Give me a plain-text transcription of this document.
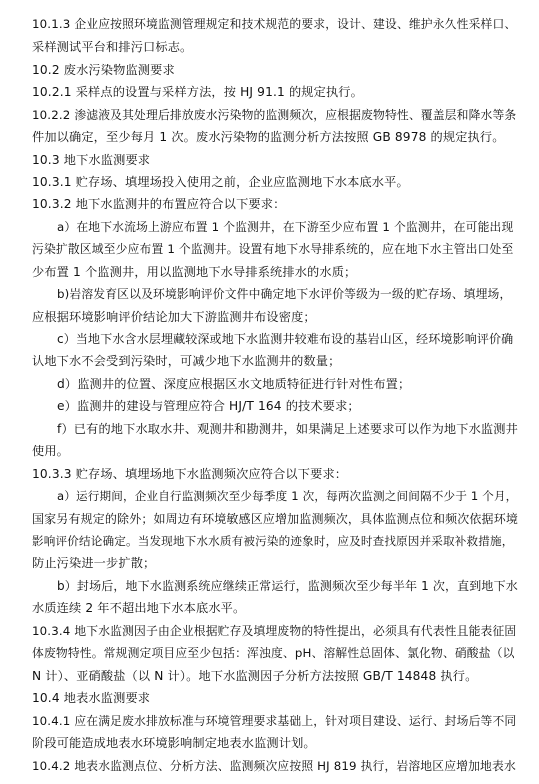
10.1.3 企业应按照环境监测管理规定和技术规范的要求，设计、建设、维护永久性采样口、
采样测试平台和排污口标志。
10.2 废水污染物监测要求
10.2.1 采样点的设置与采样方法，按 HJ 91.1 的规定执行。
10.2.2 渗滤液及其处理后排放废水污染物的监测频次，应根据废物特性、覆盖层和降水等条
件加以确定，至少每月 1 次。废水污染物的监测分析方法按照 GB 8978 的规定执行。
10.3 地下水监测要求
10.3.1 贮存场、填埋场投入使用之前，企业应监测地下水本底水平。
10.3.2 地下水监测井的布置应符合以下要求：
a）在地下水流场上游应布置 1 个监测井，在下游至少应布置 1 个监测井，在可能出现
污染扩散区域至少应布置 1 个监测井。设置有地下水导排系统的，应在地下水主管出口处至
少布置 1 个监测井，用以监测地下水导排系统排水的水质；
b)岩溶发育区以及环境影响评价文件中确定地下水评价等级为一级的贮存场、填埋场，
应根据环境影响评价结论加大下游监测井布设密度；
c）当地下水含水层埋藏较深或地下水监测井较难布设的基岩山区，经环境影响评价确
认地下水不会受到污染时，可减少地下水监测井的数量；
d）监测井的位置、深度应根据区水文地质特征进行针对性布置；
e）监测井的建设与管理应符合 HJ/T 164 的技术要求；
f）已有的地下水取水井、观测井和勘测井，如果满足上述要求可以作为地下水监测井
使用。
10.3.3 贮存场、填埋场地下水监测频次应符合以下要求：
a）运行期间，企业自行监测频次至少每季度 1 次，每两次监测之间间隔不少于 1 个月，
国家另有规定的除外；如周边有环境敏感区应增加监测频次，具体监测点位和频次依据环境
影响评价结论确定。当发现地下水水质有被污染的迹象时，应及时查找原因并采取补救措施，
防止污染进一步扩散；
b）封场后，地下水监测系统应继续正常运行，监测频次至少每半年 1 次，直到地下水
水质连续 2 年不超出地下水本底水平。
10.3.4 地下水监测因子由企业根据贮存及填埋废物的特性提出，必须具有代表性且能表征固
体废物特性。常规测定项目应至少包括：浑浊度、pH、溶解性总固体、氯化物、硝酸盐（以
N 计）、亚硝酸盐（以 N 计）。地下水监测因子分析方法按照 GB/T 14848 执行。
10.4 地表水监测要求
10.4.1 应在满足废水排放标准与环境管理要求基础上，针对项目建设、运行、封场后等不同
阶段可能造成地表水环境影响制定地表水监测计划。
10.4.2 地表水监测点位、分析方法、监测频次应按照 HJ 819 执行，岩溶地区应增加地表水
